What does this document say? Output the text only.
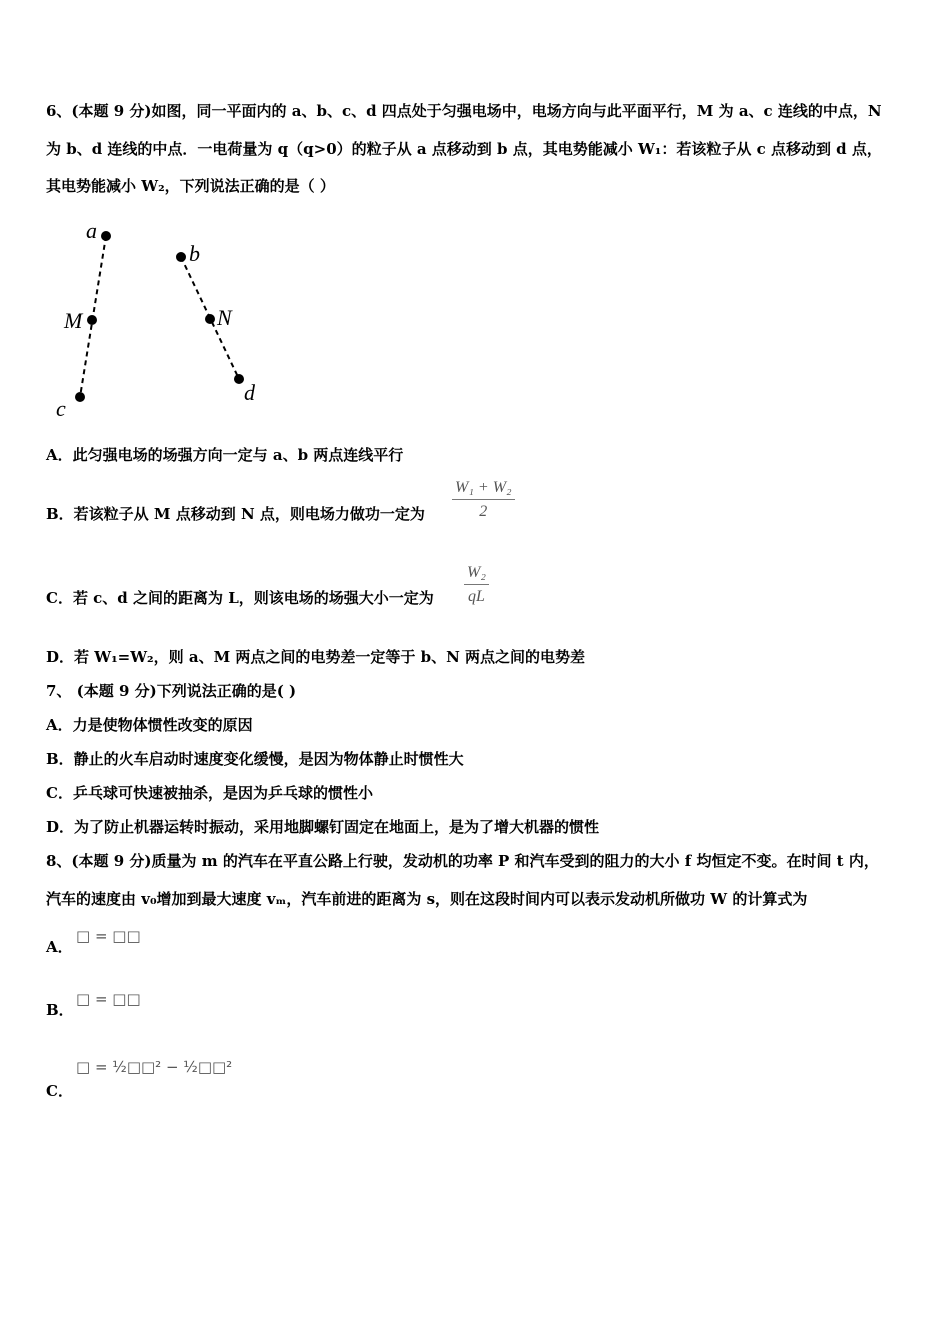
6、(本题 9 分)如图，同一平面内的 a、b、c、d 四点处于匀强电场中，电场方向与此平面平行，M 为 a、c 连线的中点，N
为 b、d 连线的中点．一电荷量为 q（q>0）的粒子从 a 点移动到 b 点，其电势能减小 W₁：若该粒子从 c 点移动到 d 点，
其电势能减小 W₂，下列说法正确的是（ ）
a
M
c
b
N
d
A．此匀强电场的场强方向一定与 a、b 两点连线平行
B．若该粒子从 M 点移动到 N 点，则电场力做功一定为 $\frac{\text{W₁ + W₂}}{2}$
C．若 c、d 之间的距离为 L，则该电场的场强大小一定为 $\frac{\text{W₂}}{qL}$
D．若 W₁=W₂，则 a、M 两点之间的电势差一定等于 b、N 两点之间的电势差
7、 (本题 9 分)下列说法正确的是( )
A．力是使物体惯性改变的原因
B．静止的火车启动时速度变化缓慢，是因为物体静止时惯性大
C．乒乓球可快速被抽杀，是因为乒乓球的惯性小
D．为了防止机器运转时振动，采用地脚螺钉固定在地面上，是为了增大机器的惯性
8、(本题 9 分)质量为 m 的汽车在平直公路上行驶，发动机的功率 P 和汽车受到的阻力的大小 f 均恒定不变。在时间 t 内，
汽车的速度由 v₀增加到最大速度 vₘ，汽车前进的距离为 s，则在这段时间内可以表示发动机所做功 W 的计算式为
A．
□ = □□
B．
□ = □□
C．
□ = ½□□² − ½□□²
